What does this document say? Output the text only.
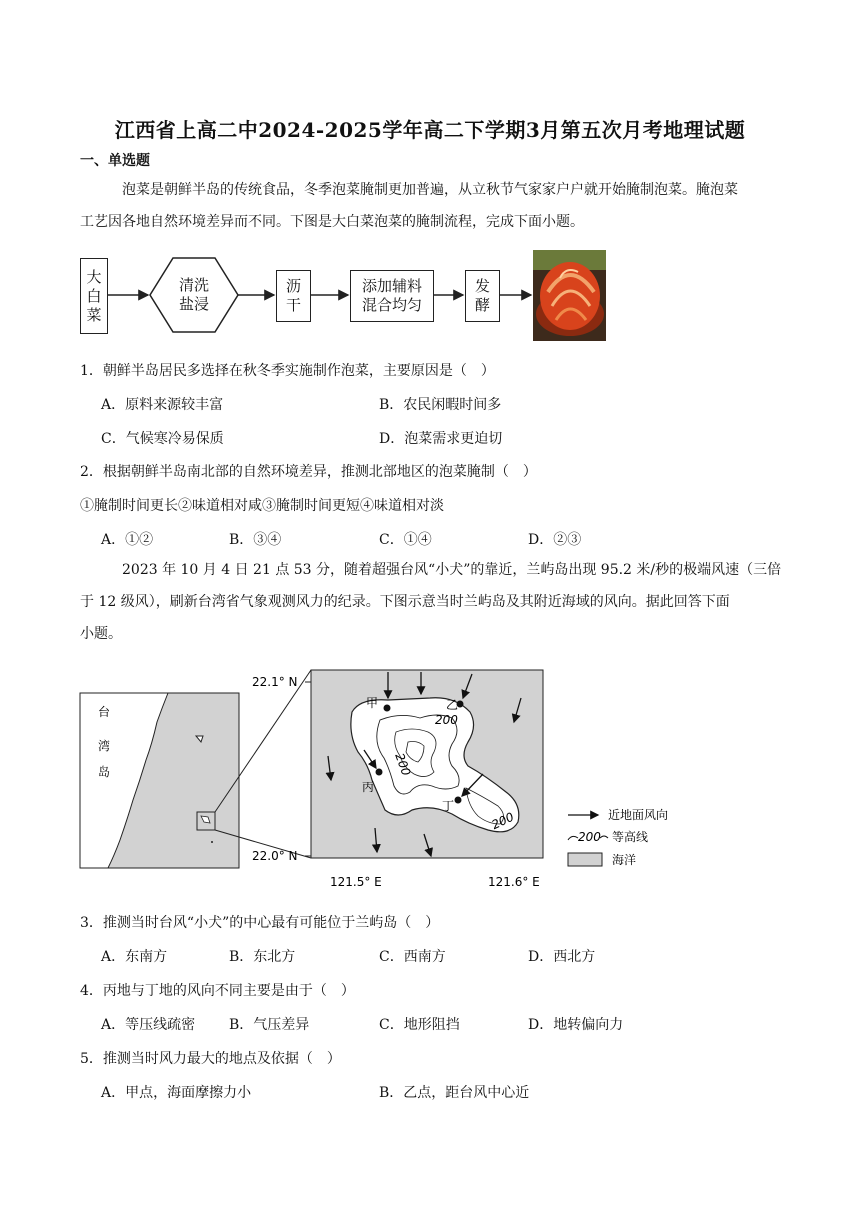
江西省上高二中2024-2025学年高二下学期3月第五次月考地理试题
一、单选题
泡菜是朝鲜半岛的传统食品，冬季泡菜腌制更加普遍，从立秋节气家家户户就开始腌制泡菜。腌泡菜
工艺因各地自然环境差异而不同。下图是大白菜泡菜的腌制流程，完成下面小题。
大
白
菜
清洗
盐浸
沥
干
添加辅料
混合均匀
发
酵
1．朝鲜半岛居民多选择在秋冬季实施制作泡菜，主要原因是（　）
A．原料来源较丰富	B．农民闲暇时间多
C．气候寒冷易保质	D．泡菜需求更迫切
2．根据朝鲜半岛南北部的自然环境差异，推测北部地区的泡菜腌制（　）
①腌制时间更长②味道相对咸③腌制时间更短④味道相对淡
A．①②	B．③④	C．①④	D．②③
2023 年 10 月 4 日 21 点 53 分，随着超强台风“小犬”的靠近，兰屿岛出现 95.2 米/秒的极端风速（三倍
于 12 级风），刷新台湾省气象观测风力的纪录。下图示意当时兰屿岛及其附近海域的风向。据此回答下面
小题。
200
200
200
甲	乙
丙
丁
22.1° N
22.0° N
121.5° E	121.6° E
台
湾
岛
近地面风向
200 等高线
海洋
3．推测当时台风“小犬”的中心最有可能位于兰屿岛（　）
A．东南方	B．东北方	C．西南方	D．西北方
4．丙地与丁地的风向不同主要是由于（　）
A．等压线疏密 B．气压差异	C．地形阻挡	D．地转偏向力
5．推测当时风力最大的地点及依据（　）
A．甲点，海面摩擦力小	B．乙点，距台风中心近
